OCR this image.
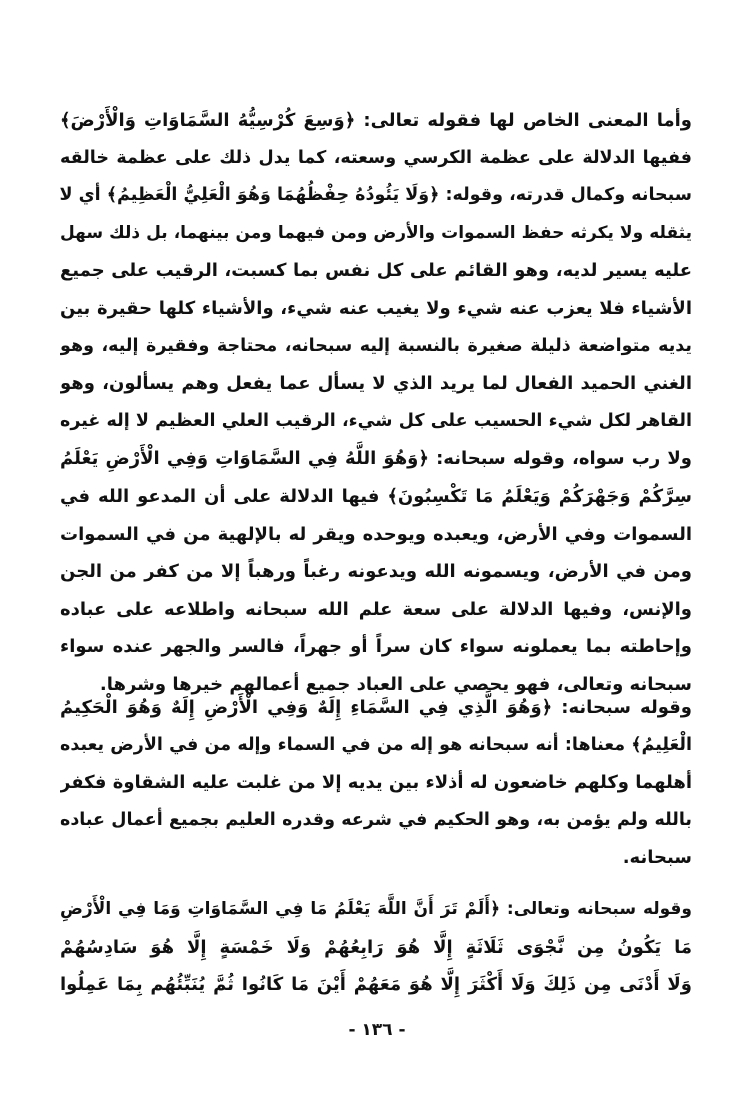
وأما المعنى الخاص لها فقوله تعالى: ﴿وَسِعَ كُرْسِيُّهُ السَّمَاوَاتِ وَالْأَرْضَ﴾
ففيها الدلالة على عظمة الكرسي وسعته، كما يدل ذلك على عظمة خالقه
سبحانه وكمال قدرته، وقوله: ﴿وَلَا يَئُودُهُ حِفْظُهُمَا وَهُوَ الْعَلِيُّ الْعَظِيمُ﴾ أي لا
يثقله ولا يكرثه حفظ السموات والأرض ومن فيهما ومن بينهما، بل ذلك سهل
عليه يسير لديه، وهو القائم على كل نفس بما كسبت، الرقيب على جميع
الأشياء فلا يعزب عنه شيء ولا يغيب عنه شيء، والأشياء كلها حقيرة بين
يديه متواضعة ذليلة صغيرة بالنسبة إليه سبحانه، محتاجة وفقيرة إليه، وهو
الغني الحميد الفعال لما يريد الذي لا يسأل عما يفعل وهم يسألون، وهو
القاهر لكل شيء الحسيب على كل شيء، الرقيب العلي العظيم لا إله غيره
ولا رب سواه، وقوله سبحانه: ﴿وَهُوَ اللَّهُ فِي السَّمَاوَاتِ وَفِي الْأَرْضِ يَعْلَمُ
سِرَّكُمْ وَجَهْرَكُمْ وَيَعْلَمُ مَا تَكْسِبُونَ﴾ فيها الدلالة على أن المدعو الله في
السموات وفي الأرض، ويعبده ويوحده ويقر له بالإلهية من في السموات
ومن في الأرض، ويسمونه الله ويدعونه رغباً ورهباً إلا من كفر من الجن
والإنس، وفيها الدلالة على سعة علم الله سبحانه واطلاعه على عباده
وإحاطته بما يعملونه سواء كان سراً أو جهراً، فالسر والجهر عنده سواء
سبحانه وتعالى، فهو يحصي على العباد جميع أعمالهم خيرها وشرها.
وقوله سبحانه: ﴿وَهُوَ الَّذِي فِي السَّمَاءِ إِلَهٌ وَفِي الْأَرْضِ إِلَهٌ وَهُوَ الْحَكِيمُ
الْعَلِيمُ﴾ معناها: أنه سبحانه هو إله من في السماء وإله من في الأرض يعبده
أهلهما وكلهم خاضعون له أذلاء بين يديه إلا من غلبت عليه الشقاوة فكفر
بالله ولم يؤمن به، وهو الحكيم في شرعه وقدره العليم بجميع أعمال عباده
سبحانه.
وقوله سبحانه وتعالى: ﴿أَلَمْ تَرَ أَنَّ اللَّهَ يَعْلَمُ مَا فِي السَّمَاوَاتِ وَمَا فِي الْأَرْضِ
مَا يَكُونُ مِن نَّجْوَى ثَلَاثَةٍ إِلَّا هُوَ رَابِعُهُمْ وَلَا خَمْسَةٍ إِلَّا هُوَ سَادِسُهُمْ
وَلَا أَدْنَى مِن ذَلِكَ وَلَا أَكْثَرَ إِلَّا هُوَ مَعَهُمْ أَيْنَ مَا كَانُوا ثُمَّ يُنَبِّئُهُم بِمَا عَمِلُوا
- ١٣٦ -
